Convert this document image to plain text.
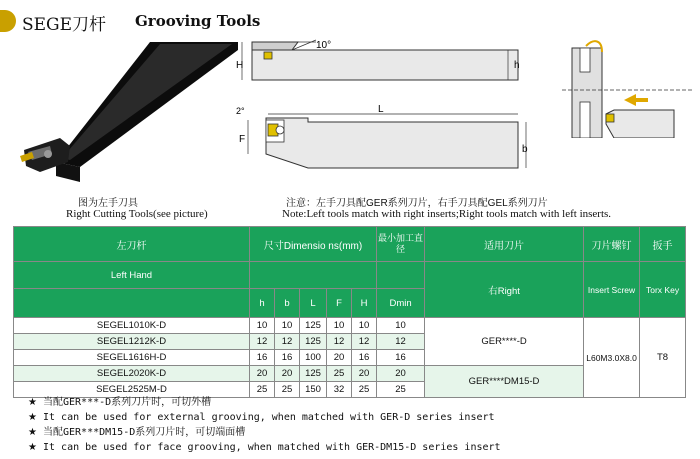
SEGE刀杆 Grooving Tools
H	h
10°
L
2°
F
b
图为左手刀具
Right Cutting Tools(see picture)
注意：左手刀具配GER系列刀片，右手刀具配GEL系列刀片
Note:Left tools match with right inserts;Right tools match with left inserts.
左刀杆	尺寸Dimensio ns(mm)					最小加工直径	适用刀片	刀片螺钉	扳手
Left Hand							右Right	Insert Screw	Torx Key
	h	b	L	F	H	Dmin			
SEGEL1010K-D	10	10	125	10	10	10	GER****-D	L60M3.0X8.0	T8
SEGEL1212K-D	12	12	125	12	12	12			
SEGEL1616H-D	16	16	100	20	16	16			
SEGEL2020K-D	20	20	125	25	20	20	GER****DM15-D		
SEGEL2525M-D	25	25	150	32	25	25			
★ 当配GER***-D系列刀片时，可切外槽
★ It can be used for external grooving, when matched with GER-D series insert
★ 当配GER***DM15-D系列刀片时，可切端面槽
★ It can be used for face grooving, when matched with GER-DM15-D series insert
